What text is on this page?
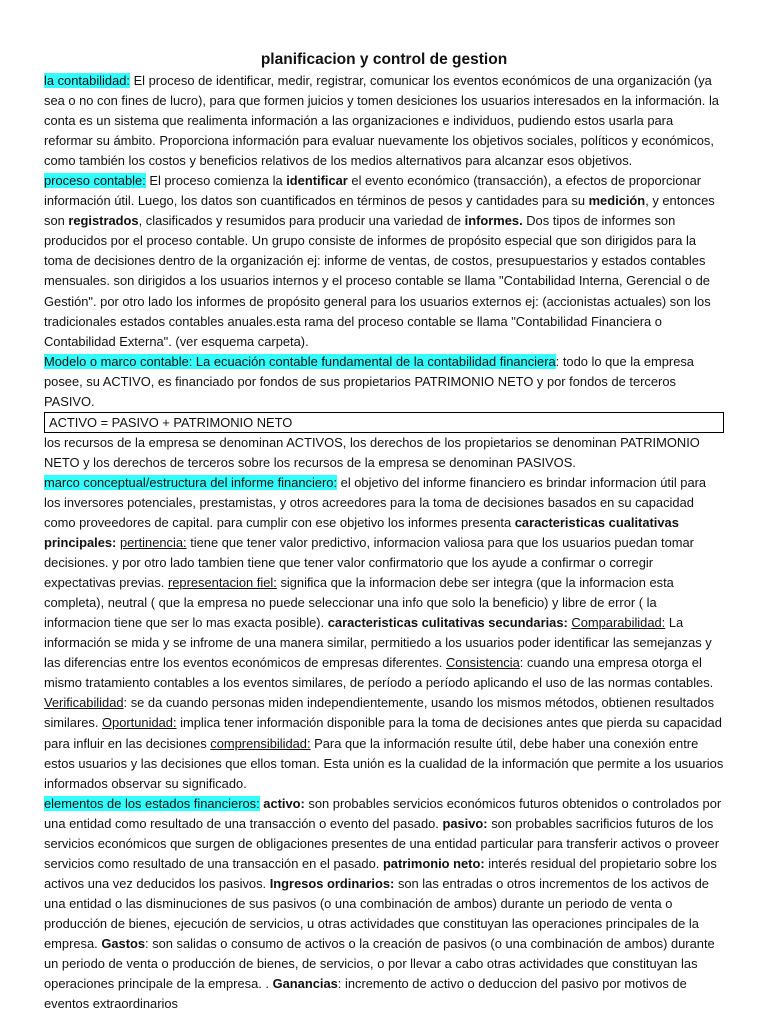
planificacion y control de gestion

la contabilidad: El proceso de identificar, medir, registrar, comunicar los eventos económicos de una organización (ya sea o no con fines de lucro), para que formen juicios y tomen desiciones los usuarios interesados en la información. la conta es un sistema que realimenta información a las organizaciones e individuos, pudiendo estos usarla para reformar su ámbito. Proporciona información para evaluar nuevamente los objetivos sociales, políticos y económicos, como también los costos y beneficios relativos de los medios alternativos para alcanzar esos objetivos.

proceso contable: El proceso comienza la identificar el evento económico (transacción), a efectos de proporcionar información útil. Luego, los datos son cuantificados en términos de pesos y cantidades para su medición, y entonces son registrados, clasificados y resumidos para producir una variedad de informes. Dos tipos de informes son producidos por el proceso contable. Un grupo consiste de informes de propósito especial que son dirigidos para la toma de decisiones dentro de la organización ej: informe de ventas, de costos, presupuestarios y estados contables mensuales. son dirigidos a los usuarios internos y el proceso contable se llama "Contabilidad Interna, Gerencial o de Gestión". por otro lado los informes de propósito general para los usuarios externos ej: (accionistas actuales) son los tradicionales estados contables anuales.esta rama del proceso contable se llama "Contabilidad Financiera o Contabilidad Externa". (ver esquema carpeta).

Modelo o marco contable: La ecuación contable fundamental de la contabilidad financiera: todo lo que la empresa posee, su ACTIVO, es financiado por fondos de sus propietarios PATRIMONIO NETO y por fondos de terceros PASIVO.

ACTIVO = PASIVO + PATRIMONIO NETO

los recursos de la empresa se denominan ACTIVOS, los derechos de los propietarios se denominan PATRIMONIO NETO y los derechos de terceros sobre los recursos de la empresa se denominan PASIVOS.

marco conceptual/estructura del informe financiero: el objetivo del informe financiero es brindar informacion útil para los inversores potenciales, prestamistas, y otros acreedores para la toma de decisiones basados en su capacidad como proveedores de capital. para cumplir con ese objetivo los informes presenta caracteristicas cualitativas principales: pertinencia: tiene que tener valor predictivo, informacion valiosa para que los usuarios puedan tomar decisiones. y por otro lado tambien tiene que tener valor confirmatorio que los ayude a confirmar o corregir expectativas previas. representacion fiel: significa que la informacion debe ser integra (que la informacion esta completa), neutral ( que la empresa no puede seleccionar una info que solo la beneficio) y libre de error ( la informacion tiene que ser lo mas exacta posible). caracteristicas culitativas secundarias: Comparabilidad: La información se mida y se infrome de una manera similar, permitiedo a los usuarios poder identificar las semejanzas y las diferencias entre los eventos económicos de empresas diferentes. Consistencia: cuando una empresa otorga el mismo tratamiento contables a los eventos similares, de período a período aplicando el uso de las normas contables. Verificabilidad: se da cuando personas miden independientemente, usando los mismos métodos, obtienen resultados similares. Oportunidad: implica tener información disponible para la toma de decisiones antes que pierda su capacidad para influir en las decisiones comprensibilidad: Para que la información resulte útil, debe haber una conexión entre estos usuarios y las decisiones que ellos toman. Esta unión es la cualidad de la información que permite a los usuarios informados observar su significado.

elementos de los estados financieros: activo: son probables servicios económicos futuros obtenidos o controlados por una entidad como resultado de una transacción o evento del pasado. pasivo: son probables sacrificios futuros de los servicios económicos que surgen de obligaciones presentes de una entidad particular para transferir activos o proveer servicios como resultado de una transacción en el pasado. patrimonio neto: interés residual del propietario sobre los activos una vez deducidos los pasivos. Ingresos ordinarios: son las entradas o otros incrementos de los activos de una entidad o las disminuciones de sus pasivos (o una combinación de ambos) durante un periodo de venta o producción de bienes, ejecución de servicios, u otras actividades que constituyan las operaciones principales de la empresa. Gastos: son salidas o consumo de activos o la creación de pasivos (o una combinación de ambos) durante un periodo de venta o producción de bienes, de servicios, o por llevar a cabo otras actividades que constituyan las operaciones principale de la empresa. . Ganancias: incremento de activo o deduccion del pasivo por motivos de eventos extraordinarios
